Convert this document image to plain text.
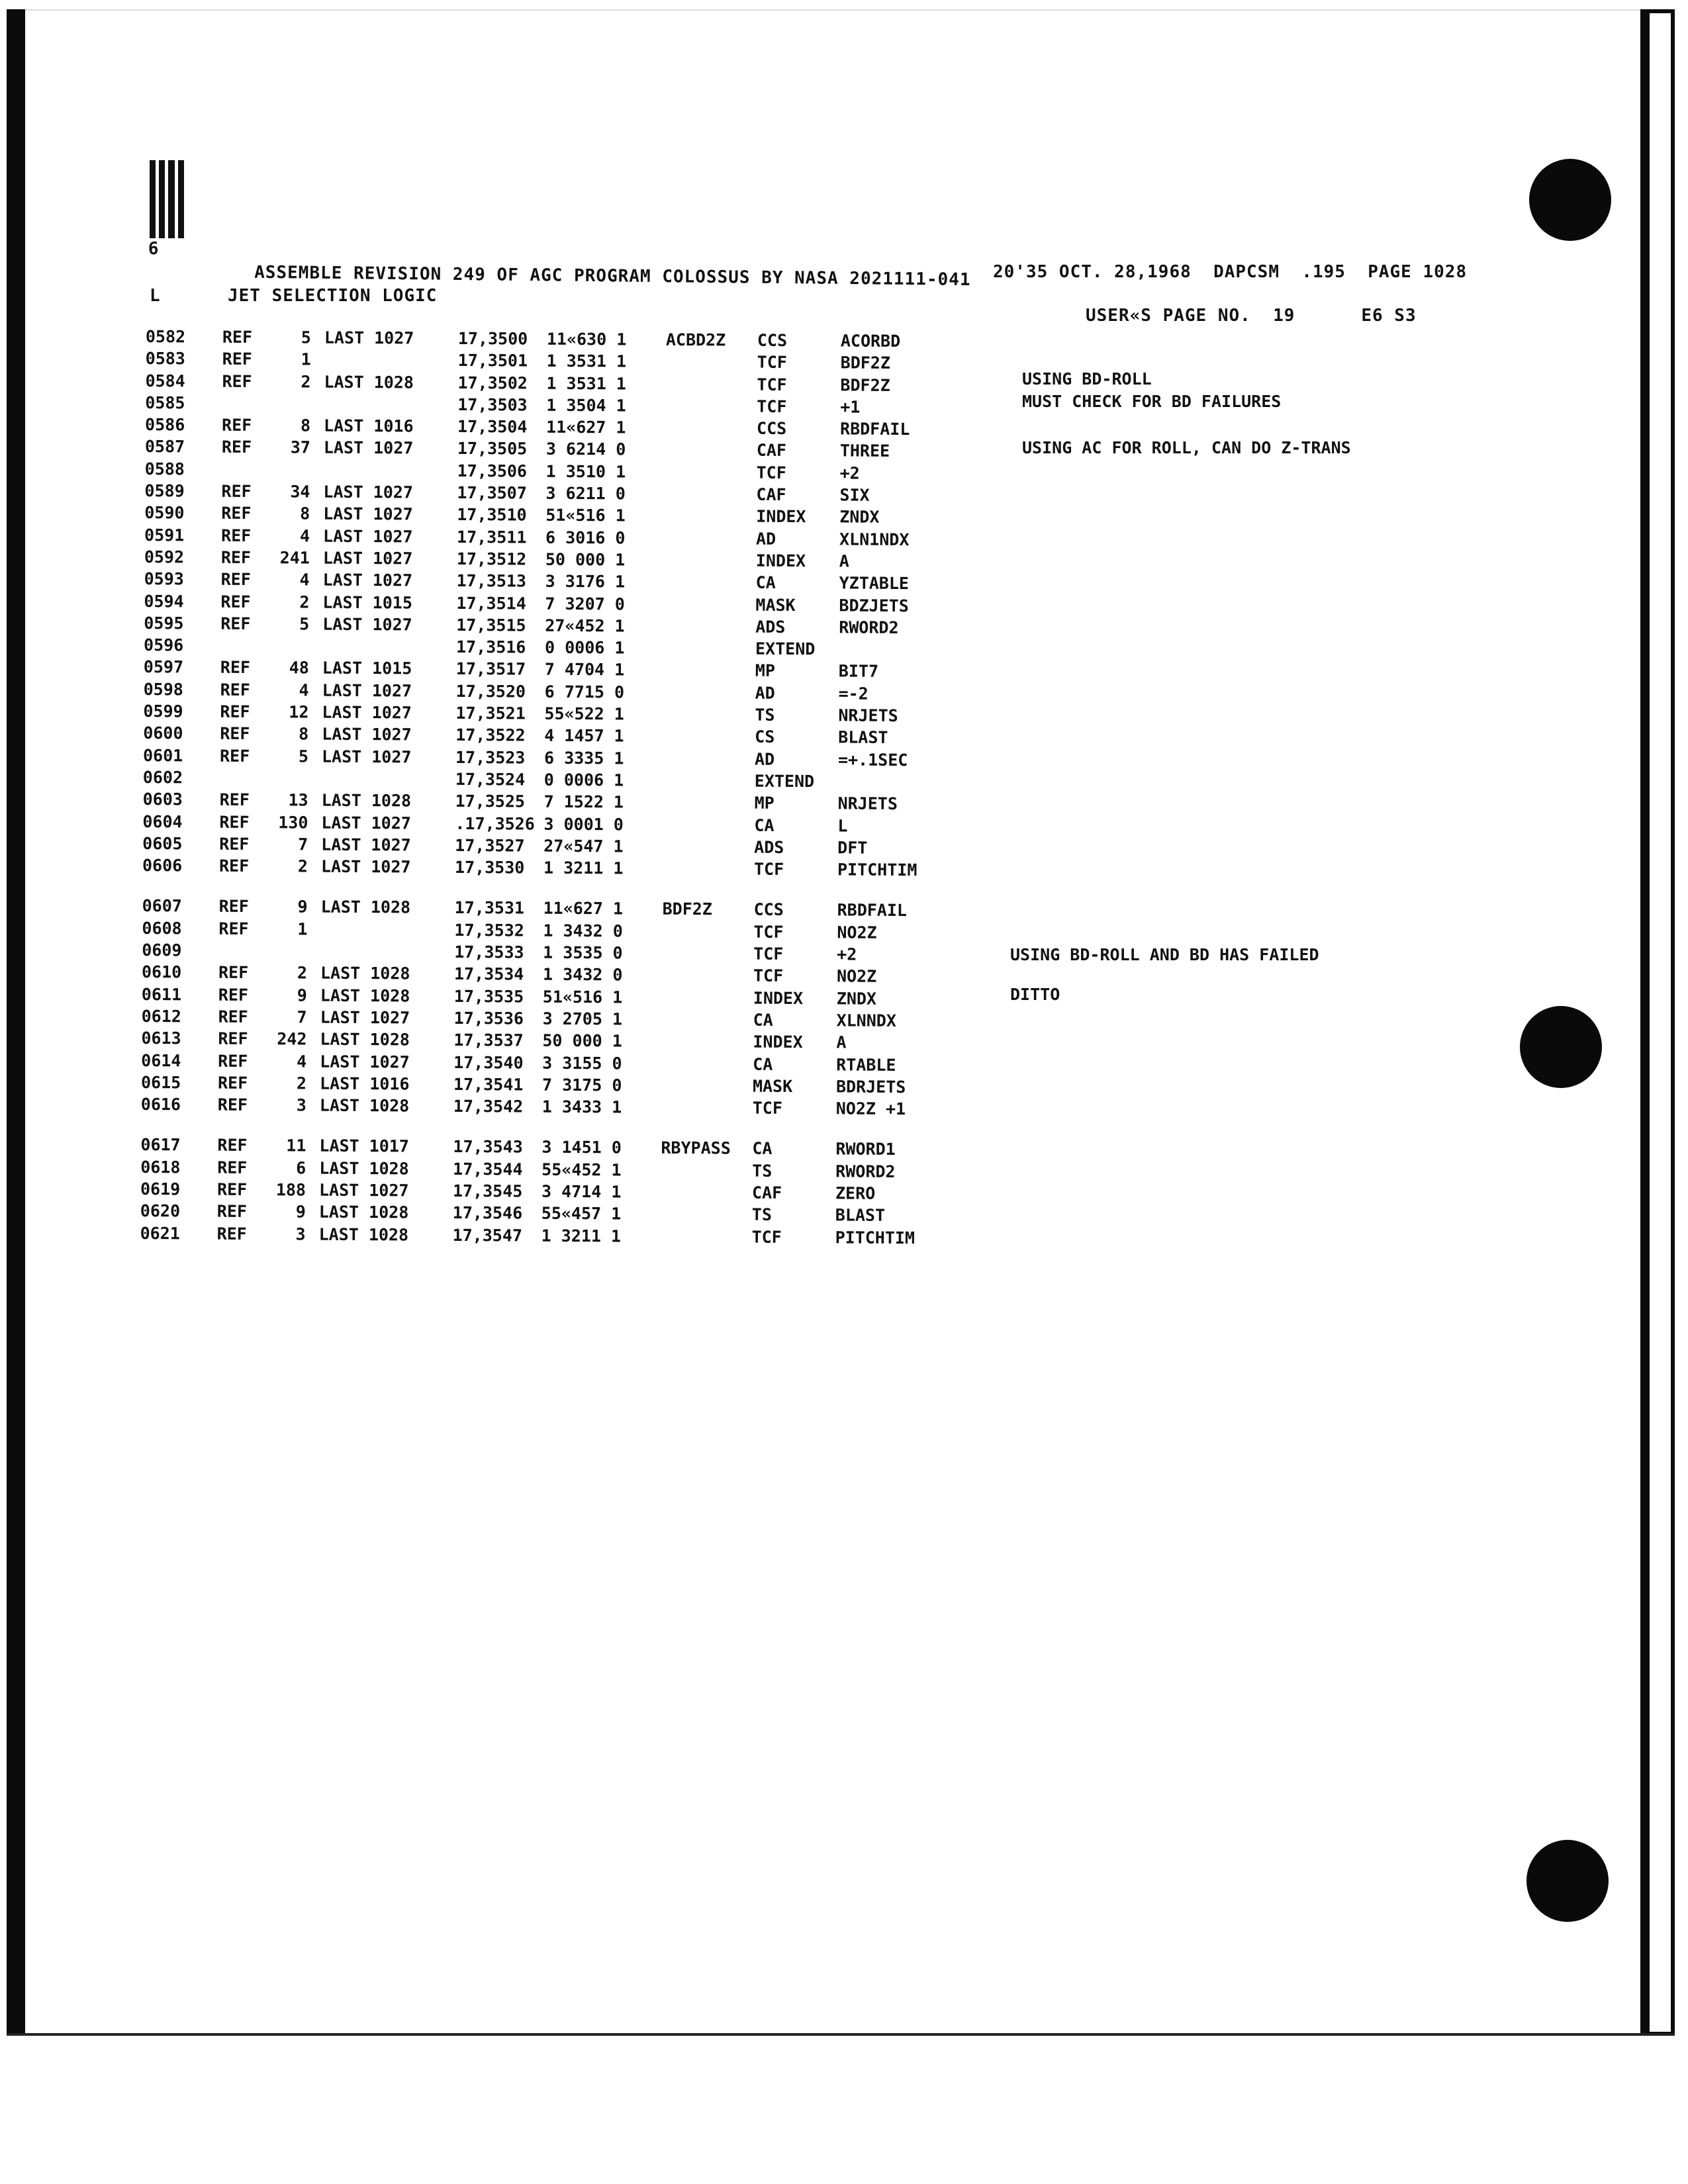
6
ASSEMBLE REVISION 249 OF AGC PROGRAM COLOSSUS BY NASA 2021111-041
20'35 OCT. 28,1968  DAPCSM  .195  PAGE 1028
L	JET SELECTION LOGIC
USER«S PAGE NO.  19      E6 S3
0582 REF	5 LAST 1027	17,3500 11«630 1 ACBD2Z CCS	ACORBD
0583 REF	1	17,3501 1 3531 1	TCF	BDF2Z
0584 REF	2 LAST 1028	17,3502 1 3531 1	TCF	BDF2Z
0585	17,3503 1 3504 1	TCF	+1
0586 REF	8 LAST 1016	17,3504 11«627 1	CCS	RBDFAIL
0587 REF	37 LAST 1027	17,3505 3 6214 0	CAF	THREE
0588	17,3506 1 3510 1	TCF	+2
0589 REF	34 LAST 1027	17,3507 3 6211 0	CAF	SIX
0590 REF	8 LAST 1027	17,3510 51«516 1	INDEX ZNDX
0591 REF	4 LAST 1027	17,3511 6 3016 0	AD	XLN1NDX
0592 REF	241 LAST 1027	17,3512 50 000 1	INDEX A
0593 REF	4 LAST 1027	17,3513 3 3176 1	CA	YZTABLE
0594 REF	2 LAST 1015	17,3514 7 3207 0	MASK	BDZJETS
0595 REF	5 LAST 1027	17,3515 27«452 1	ADS	RWORD2
0596	17,3516 0 0006 1	EXTEND
0597 REF	48 LAST 1015	17,3517 7 4704 1	MP	BIT7
0598 REF	4 LAST 1027	17,3520 6 7715 0	AD	=-2
0599 REF	12 LAST 1027	17,3521 55«522 1	TS	NRJETS
0600 REF	8 LAST 1027	17,3522 4 1457 1	CS	BLAST
0601 REF	5 LAST 1027	17,3523 6 3335 1	AD	=+.1SEC
0602	17,3524 0 0006 1	EXTEND
0603 REF	13 LAST 1028	17,3525 7 1522 1	MP	NRJETS
0604 REF	130 LAST 1027	.17,3526 3 0001 0	CA	L
0605 REF	7 LAST 1027	17,3527 27«547 1	ADS	DFT
0606 REF	2 LAST 1027	17,3530 1 3211 1	TCF	PITCHTIM
0607 REF	9 LAST 1028	17,3531 11«627 1 BDF2Z	CCS	RBDFAIL
0608 REF	1	17,3532 1 3432 0	TCF	NO2Z
0609	17,3533 1 3535 0	TCF	+2
0610 REF	2 LAST 1028	17,3534 1 3432 0	TCF	NO2Z
0611 REF	9 LAST 1028	17,3535 51«516 1	INDEX ZNDX
0612 REF	7 LAST 1027	17,3536 3 2705 1	CA	XLNNDX
0613 REF	242 LAST 1028	17,3537 50 000 1	INDEX A
0614 REF	4 LAST 1027	17,3540 3 3155 0	CA	RTABLE
0615 REF	2 LAST 1016	17,3541 7 3175 0	MASK	BDRJETS
0616 REF	3 LAST 1028	17,3542 1 3433 1	TCF	NO2Z +1
0617 REF	11 LAST 1017	17,3543 3 1451 0 RBYPASS CA	RWORD1
0618 REF	6 LAST 1028	17,3544 55«452 1	TS	RWORD2
0619 REF	188 LAST 1027	17,3545 3 4714 1	CAF	ZERO
0620 REF	9 LAST 1028	17,3546 55«457 1	TS	BLAST
0621 REF	3 LAST 1028	17,3547 1 3211 1	TCF	PITCHTIM
USING BD-ROLL
MUST CHECK FOR BD FAILURES
USING AC FOR ROLL, CAN DO Z-TRANS
USING BD-ROLL AND BD HAS FAILED
DITTO
